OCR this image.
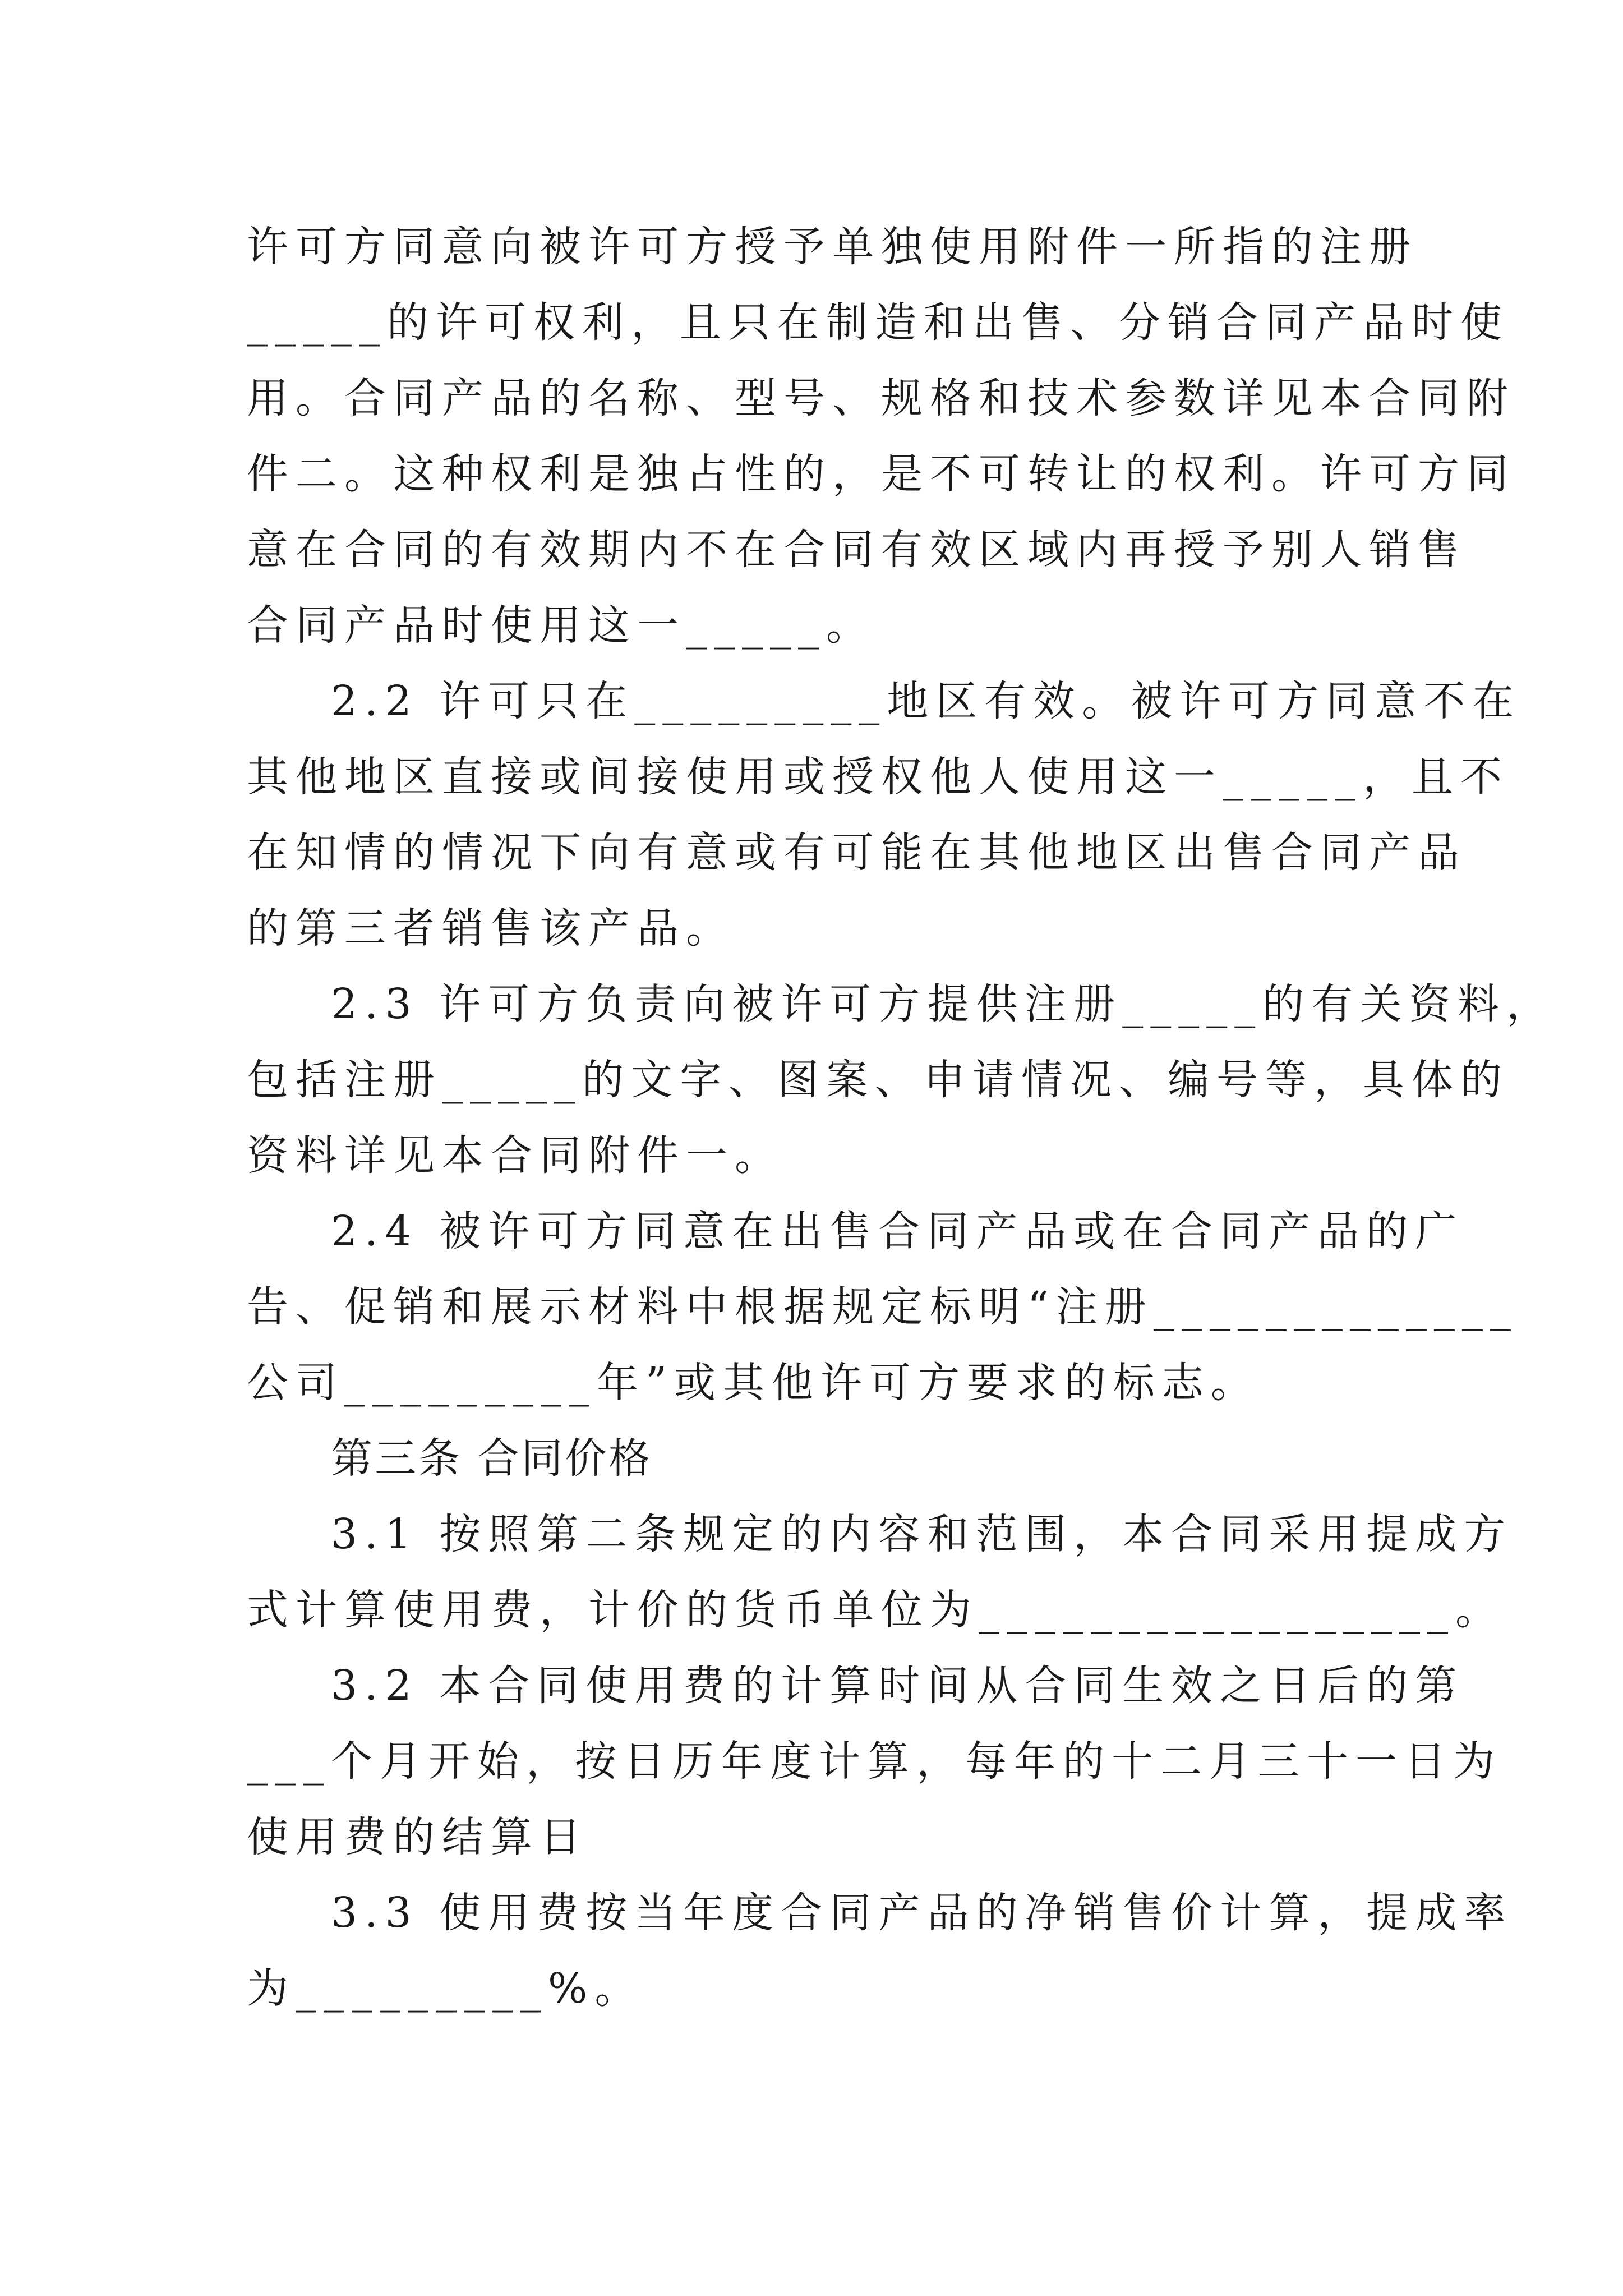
许可方同意向被许可方授予单独使用附件一所指的注册
_____的许可权利，且只在制造和出售、分销合同产品时使
用。合同产品的名称、型号、规格和技术参数详见本合同附
件二。这种权利是独占性的，是不可转让的权利。许可方同
意在合同的有效期内不在合同有效区域内再授予别人销售
合同产品时使用这一_____。
2.2 许可只在_________地区有效。被许可方同意不在
其他地区直接或间接使用或授权他人使用这一_____，且不
在知情的情况下向有意或有可能在其他地区出售合同产品
的第三者销售该产品。
2.3 许可方负责向被许可方提供注册_____的有关资料，
包括注册_____的文字、图案、申请情况、编号等，具体的
资料详见本合同附件一。
2.4 被许可方同意在出售合同产品或在合同产品的广
告、促销和展示材料中根据规定标明“注册_____________
公司_________年”或其他许可方要求的标志。
第三条 合同价格
3.1 按照第二条规定的内容和范围，本合同采用提成方
式计算使用费，计价的货币单位为_________________。
3.2 本合同使用费的计算时间从合同生效之日后的第
___个月开始，按日历年度计算，每年的十二月三十一日为
使用费的结算日
3.3 使用费按当年度合同产品的净销售价计算，提成率
为_________%。
